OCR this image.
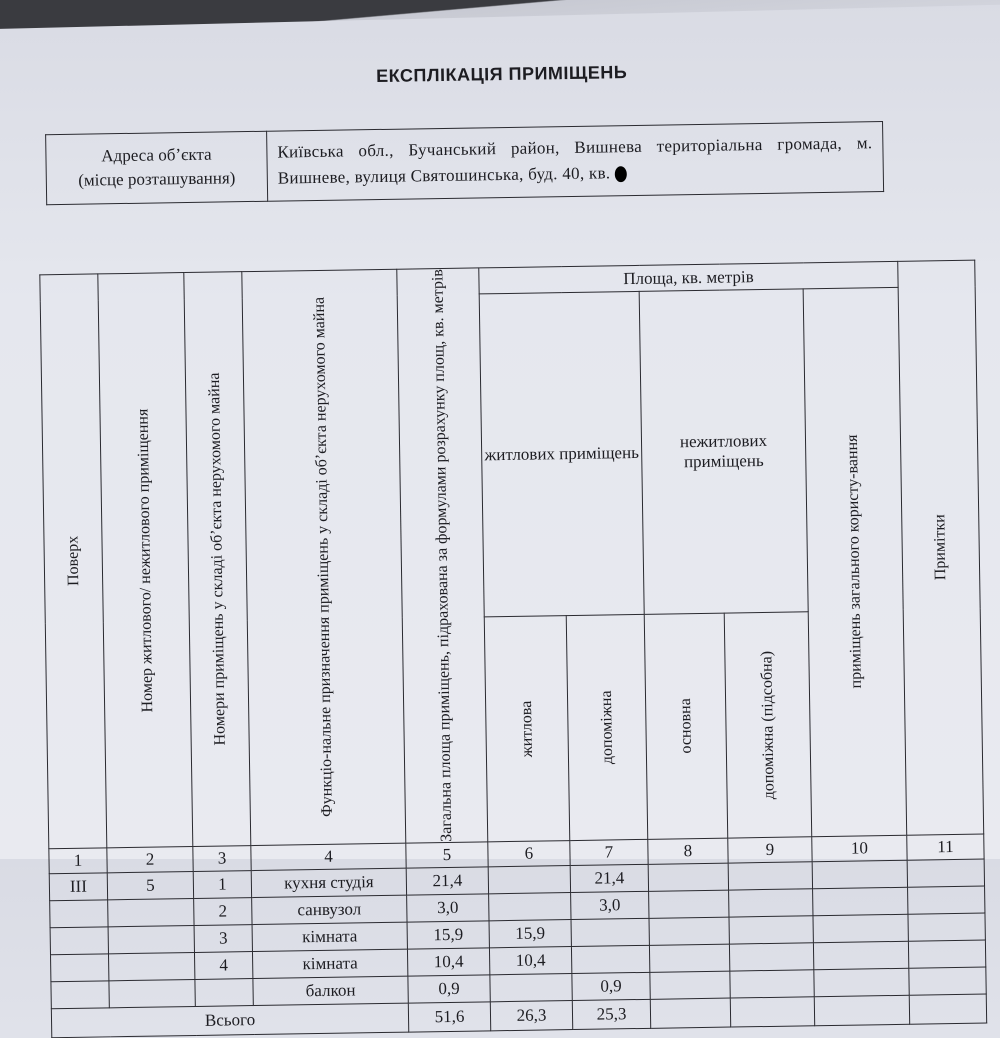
ЕКСПЛІКАЦІЯ ПРИМІЩЕНЬ
Адреса об’єкта
(місце розташування)
	Київська обл., Бучанський район, Вишнева територіальна громада, м. Вишневе, вулиця Святошинська, буд. 40, кв.
Поверх	Номер житлового/ нежитлового приміщення	Номери приміщень у складі об’єкта нерухомого майна	Функціо-нальне призначення приміщень у складі об’єкта нерухомого майна	Загальна площа приміщень, підрахована за формулами розрахунку площ, кв. метрів	Площа, кв. метрів					Примітки

					житлових приміщень		нежитлових приміщень		приміщень загального користу-вання	

					житлова	допоміжна	основна	допоміжна (підсобна)		

1	2	3	4	5	6	7	8	9	10	11
III	5	1	кухня студія	21,4		21,4				
		2	санвузол	3,0		3,0				
		3	кімната	15,9	15,9					
		4	кімната	10,4	10,4					
			балкон	0,9		0,9				
Всього				51,6	26,3	25,3				
